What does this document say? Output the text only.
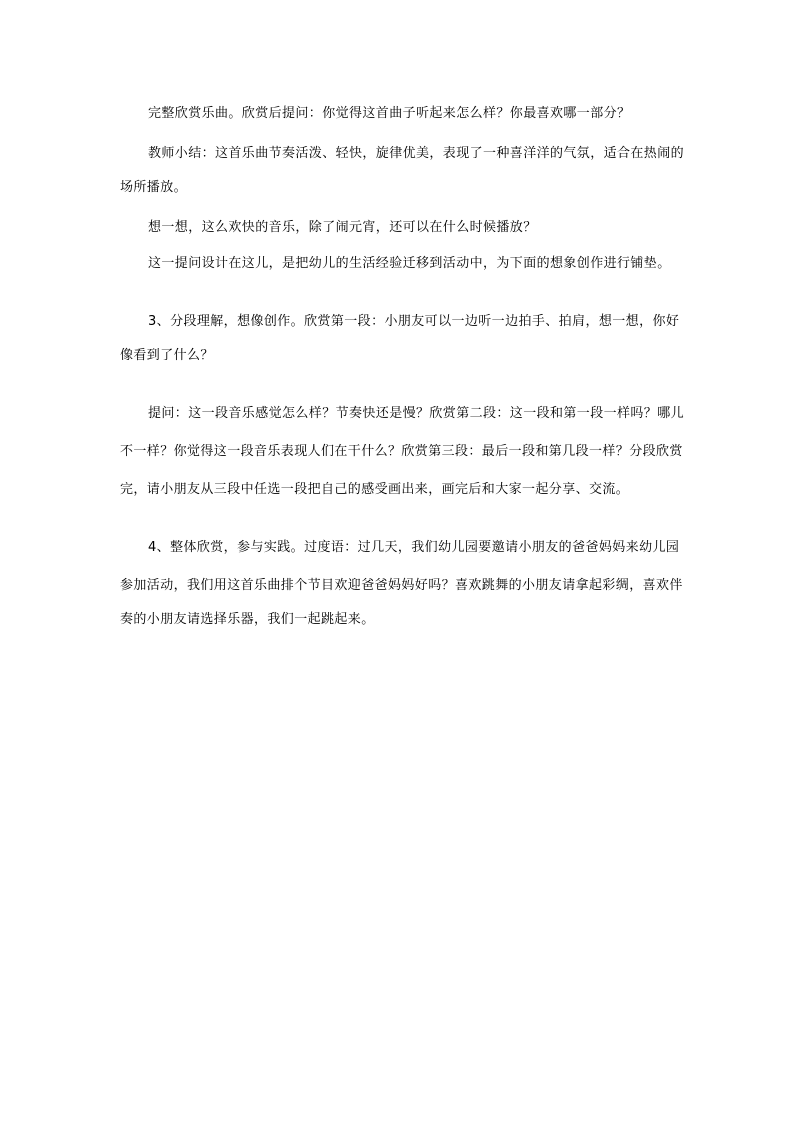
完整欣赏乐曲。欣赏后提问：你觉得这首曲子听起来怎么样？你最喜欢哪一部分？
教师小结：这首乐曲节奏活泼、轻快，旋律优美，表现了一种喜洋洋的气氛，适合在热闹的
场所播放。
想一想，这么欢快的音乐，除了闹元宵，还可以在什么时候播放？
这一提问设计在这儿，是把幼儿的生活经验迁移到活动中，为下面的想象创作进行铺垫。
3、分段理解，想像创作。欣赏第一段：小朋友可以一边听一边拍手、拍肩，想一想，你好
像看到了什么？
提问：这一段音乐感觉怎么样？节奏快还是慢？欣赏第二段：这一段和第一段一样吗？哪儿
不一样？你觉得这一段音乐表现人们在干什么？欣赏第三段：最后一段和第几段一样？分段欣赏
完，请小朋友从三段中任选一段把自己的感受画出来，画完后和大家一起分享、交流。
4、整体欣赏，参与实践。过度语：过几天，我们幼儿园要邀请小朋友的爸爸妈妈来幼儿园
参加活动，我们用这首乐曲排个节目欢迎爸爸妈妈好吗？喜欢跳舞的小朋友请拿起彩绸，喜欢伴
奏的小朋友请选择乐器，我们一起跳起来。
